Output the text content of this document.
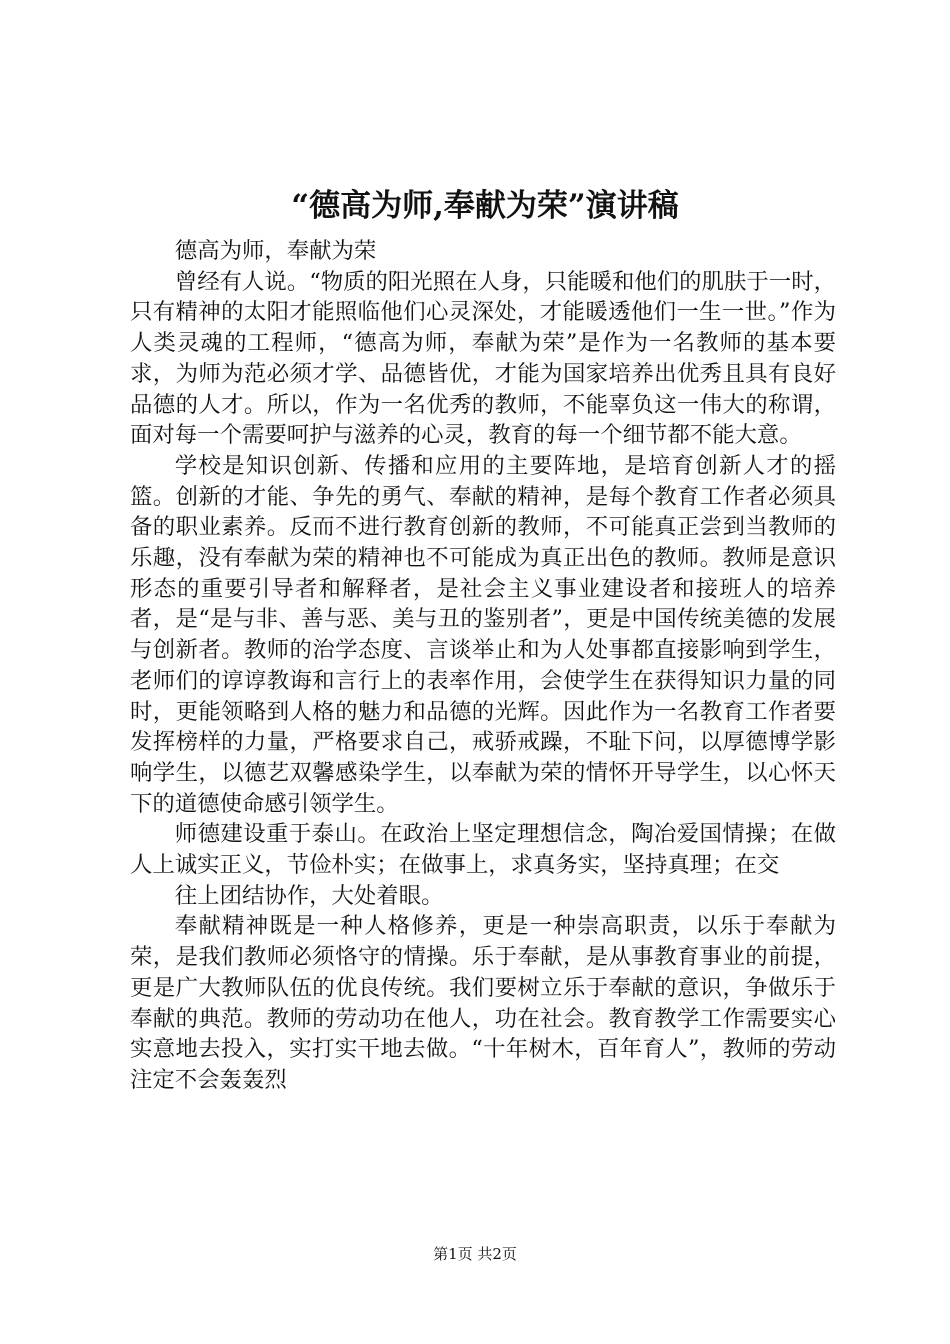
“德高为师,奉献为荣”演讲稿

德高为师，奉献为荣

曾经有人说。“物质的阳光照在人身，只能暖和他们的肌肤于一时，只有精神的太阳才能照临他们心灵深处，才能暖透他们一生一世。”作为人类灵魂的工程师，“德高为师，奉献为荣”是作为一名教师的基本要求，为师为范必须才学、品德皆优，才能为国家培养出优秀且具有良好品德的人才。所以，作为一名优秀的教师，不能辜负这一伟大的称谓，面对每一个需要呵护与滋养的心灵，教育的每一个细节都不能大意。

学校是知识创新、传播和应用的主要阵地，是培育创新人才的摇篮。创新的才能、争先的勇气、奉献的精神，是每个教育工作者必须具备的职业素养。反而不进行教育创新的教师，不可能真正尝到当教师的乐趣，没有奉献为荣的精神也不可能成为真正出色的教师。教师是意识形态的重要引导者和解释者，是社会主义事业建设者和接班人的培养者，是“是与非、善与恶、美与丑的鉴别者”，更是中国传统美德的发展与创新者。教师的治学态度、言谈举止和为人处事都直接影响到学生，老师们的谆谆教诲和言行上的表率作用，会使学生在获得知识力量的同时，更能领略到人格的魅力和品德的光辉。因此作为一名教育工作者要发挥榜样的力量，严格要求自己，戒骄戒躁，不耻下问，以厚德博学影响学生，以德艺双馨感染学生，以奉献为荣的情怀开导学生，以心怀天下的道德使命感引领学生。

师德建设重于泰山。在政治上坚定理想信念，陶冶爱国情操；在做人上诚实正义，节俭朴实；在做事上，求真务实，坚持真理；在交

往上团结协作，大处着眼。

奉献精神既是一种人格修养，更是一种崇高职责，以乐于奉献为荣，是我们教师必须恪守的情操。乐于奉献，是从事教育事业的前提，更是广大教师队伍的优良传统。我们要树立乐于奉献的意识，争做乐于奉献的典范。教师的劳动功在他人，功在社会。教育教学工作需要实心实意地去投入，实打实干地去做。“十年树木，百年育人”，教师的劳动注定不会轰轰烈

第1页 共2页
